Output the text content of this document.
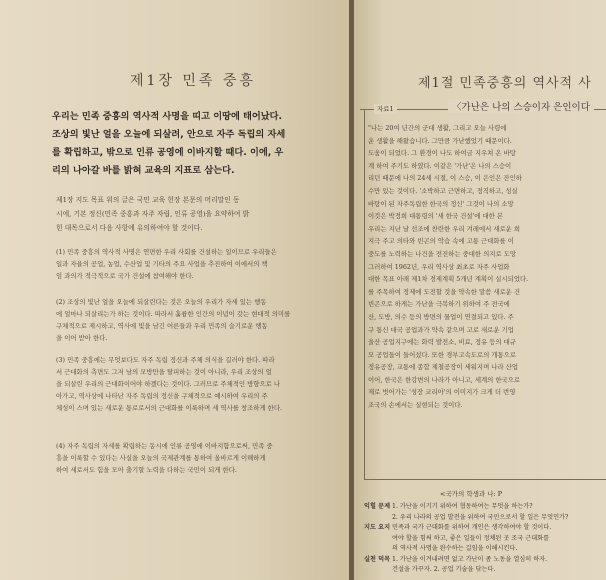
제1장 민족 중흥
우리는 민족 중흥의 역사적 사명을 띠고 이땅에 태어났다.
조상의 빛난 얼을 오늘에 되살려, 안으로 자주 독립의 자세
를 확립하고, 밖으로 인류 공영에 이바지할 때다. 이에, 우
리의 나아갈 바를 밝혀 교육의 지표로 삼는다.
제1장 지도 목표 위의 글은 국민 교육 헌장 본문의 머리말인 동
시에, 기본 정신(민족 중흥과 자주 자립, 인류 공영)을 요약하여 밝
힌 대목으로서 다음 사항에 유의하여야 할 것이다.
(1) 민족 중흥의 역사적 사명은 연면한 우리 사회를 건설하는 일이므로 우리들은
일과 자율의 공업, 농업, 수산업 및 기타의 주요 사업을 추진하여 이에서의 책
임 과의가 적극적으로 국가 건설에 참여해야 한다.
(2) 조상의 빛난 얼을 오늘에 되살린다는 것은 오늘의 우리가 자세 있는 행동
에 얼마나 되살리는가 하는 것이다. 따라서 훌륭한 인간의 이념이 갖는 현대적 의미를
구체적으로 제시하고, 역사에 빛을 남긴 어른들과 우리 민족의 슬기로운 행동
을 이어 받아 한다.
(3) 민족 중흥에는 무엇보다도 자주 독립 정신과 주체 의식을 길러야 한다. 따라
서 근대화의 측면도 그저 남의 모방만을 탈피하는 것이 아니라, 우리 조상의 얼
을 되살린 우리의 근대화이어야 하겠다는 것이다. 그러므로 주체적인 방향으로 나
아가고, 역사상에 나타난 자주 독립의 정신을 구체적으로 예시하여 우리의 주
체성이 스며 있는 새로운 통로로서의 근대화를 이룩하며 세 역사를 창조하게 한다.
(4) 자주 독립의 자세를 확립하는 동시에 인류 공영에 이바지함으로써, 민족 중
흥을 이룩할 수 있다는 사실을 오늘의 국제관계를 통하여 올바르게 이해하게
하여 세로서도 힘을 모아 출기할 노력을 다하는 국민이 되게 한다.
제1절 민족중흥의 역사적 사
자료1	〈가난은 나의 스승이자 은인이다
"나는 20여 년간의 군대 생활, 그리고 오늘 사령에
운 생활을 해왔습니다. 그만큼 가난했었기 때문이다.
도움이 되었다. 그 환경이 나도 하여금 지우쳐 온 바탕
계 하여 주기도 하였다. 이같은 '가난'은 나의 스승이
리던 때문에 나의 24세 시절, 이 스승, 이 은인은 잔인하
수만 있는 것이다. '소박하고 근면하고, 정직하고, 성실
바탕이 된 자주독립한 한국의 정신' 그것이 나의 소망
이것은 박정희 대통령의 '새 한국 건설'에 대한 본
우리는 지난 날 선조에 찬란한 우리 겨레에서 새로운 희
지극 주고 의타와 빈곤의 악습 속에 고통 근대화를 이
중도를 노력하는 나건을 전진하는 중대한 의지로 도망
그러하여 1962년, 우리 역사상 최초로 자주 사업화
대한 목표 아래 제1차 경제계획 5개년 계획이 실시되었다.
를 주목하여 정제에 도전할 것을 약속한 말씀 새로운 건
빈곤으로 하게는 가난을 극복하기 위하여 주 전국에
산, 도방, 의수 등의 방면의 물업이 연결되고 있다. 주
구 통신 대국 공업과가 약속 같으며 고로 새로운 기업
울산 공업지구에는 화력 발전소, 비료, 정유 등의 대규
모 공업들이 들어섰다. 또한 경부고속도로의 개통으로
정유공장, 교통에 종합 제철공장이 세워지며 나라 산업
이어, 한국은 한강변의 나라가 아니고, 세계의 한국으로
제로 벗어가는 '성장 코리아'의 이미지가 크게 더 번영
조국의 손에서는 실현되는 것이다.
<국가의 학생과 나: P
익힐 문제 1. 가난을 이기기 위하여 협동하여는 무엇을 하는가?
2. 우리 나라의 공업 발전을 위하여 국민으로서 할 일은 무엇인가?
지도 요지 민족과 국가 근대화를 위하여 개인은 생각하여야 할 것이다.
여야 할을 힘써 하고, 좋은 일들이 정체된 곳 조국 근대화를
의 역사적 사명을 완수하는 길임을 이해시킨다.
실천 덕목 1. 가난을 이겨내려면 없고 가난이 좀 노동을 열심히 하자.
건설을 가꾸자. 2. 공업 기술을 닦는다.
